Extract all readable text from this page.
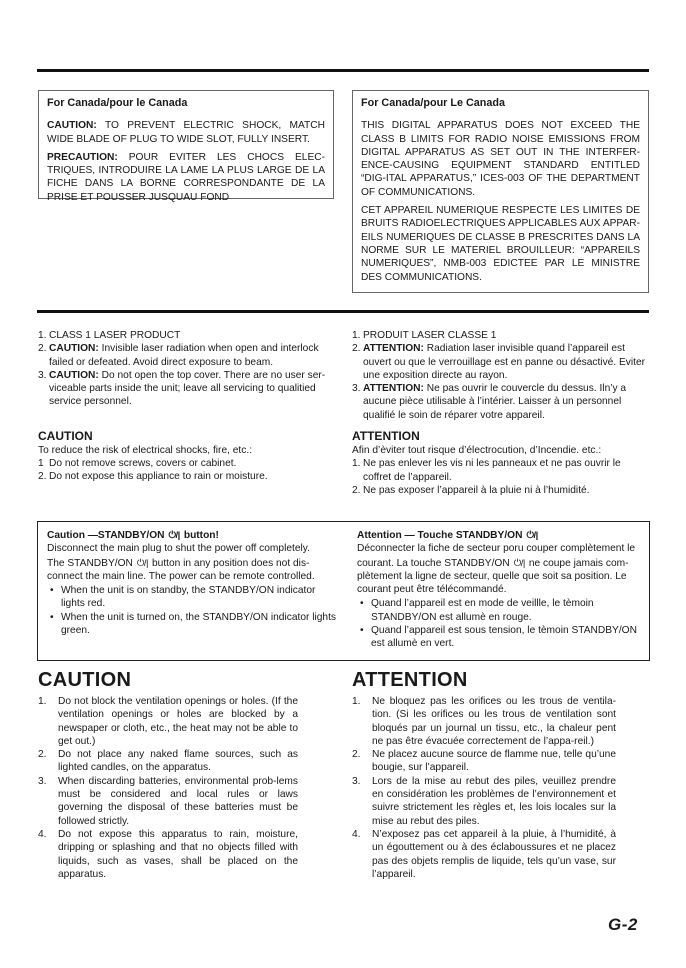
For Canada/pour le Canada

CAUTION: TO PREVENT ELECTRIC SHOCK, MATCH WIDE BLADE OF PLUG TO WIDE SLOT, FULLY INSERT.

PRECAUTION: POUR EVITER LES CHOCS ELEC-TRIQUES, INTRODUIRE LA LAME LA PLUS LARGE DE LA FICHE DANS LA BORNE CORRESPONDANTE DE LA PRISE ET POUSSER JUSQUAU FOND

For Canada/pour Le Canada

THIS DIGITAL APPARATUS DOES NOT EXCEED THE CLASS B LIMITS FOR RADIO NOISE EMISSIONS FROM DIGITAL APPARATUS AS SET OUT IN THE INTERFER-ENCE-CAUSING EQUIPMENT STANDARD ENTITLED “DIG-ITAL APPARATUS,” ICES-003 OF THE DEPARTMENT OF COMMUNICATIONS.

CET APPAREIL NUMERIQUE RESPECTE LES LIMITES DE BRUITS RADIOELECTRIQUES APPLICABLES AUX APPAR-EILS NUMERIQUES DE CLASSE B PRESCRITES DANS LA NORME SUR LE MATERIEL BROUILLEUR: “APPAREILS NUMERIQUES”, NMB-003 EDICTEE PAR LE MINISTRE DES COMMUNICATIONS.

1. CLASS 1 LASER PRODUCT
2. CAUTION: Invisible laser radiation when open and interlock failed or defeated. Avoid direct exposure to beam.
3. CAUTION: Do not open the top cover. There are no user ser-viceable parts inside the unit; leave all servicing to qualitied service personnel.
CAUTION
To reduce the risk of electrical shocks, fire, etc.:
1 Do not remove screws, covers or cabinet.
2. Do not expose this appliance to rain or moisture.
1. PRODUIT LASER CLASSE 1
2. ATTENTION: Radiation laser invisible quand l’appareil est ouvert ou que le verrouillage est en panne ou désactivé. Eviter une exposition directe au rayon.
3. ATTENTION: Ne pas ouvrir le couvercle du dessus. Iln’y a aucune pièce utilisable à l’intérier. Laisser à un personnel qualifié le soin de réparer votre appareil.
ATTENTION
Afin d’èviter tout risque d’électrocution, d’Incendie. etc.:
1. Ne pas enlever les vis ni les panneaux et ne pas ouvrir le coffret de l’appareil.
2. Ne pas exposer l’appareil à la pluie ni à l’humidité.
Caution —STANDBY/ON ⏻/| button!

Disconnect the main plug to shut the power off completely.

The STANDBY/ON ⏻/| button in any position does not dis-connect the main line. The power can be remote controlled.

• When the unit is on standby, the STANDBY/ON indicator lights red.
• When the unit is turned on, the STANDBY/ON indicator lights green.
Attention — Touche STANDBY/ON ⏻/|

Déconnecter la fiche de secteur poru couper complètement le

courant. La touche STANDBY/ON ⏻/| ne coupe jamais com-plètement la ligne de secteur, quelle que soit sa position. Le courant peut être télécommandé.

• Quand l’appareil est en mode de veillle, le tèmoin STANDBY/ON est allumè en rouge.
• Quand l’appareil est sous tension, le tèmoin STANDBY/ON est allumè en vert.
CAUTION
1. Do not block the ventilation openings or holes. (If the ventilation openings or holes are blocked by a newspaper or cloth, etc., the heat may not be able to get out.)
2. Do not place any naked flame sources, such as lighted candles, on the apparatus.
3. When discarding batteries, environmental prob-lems must be considered and local rules or laws governing the disposal of these batteries must be followed strictly.
4. Do not expose this apparatus to rain, moisture, dripping or splashing and that no objects filled with liquids, such as vases, shall be placed on the apparatus.
ATTENTION
1. Ne bloquez pas les orifices ou les trous de ventila-tion. (Si les orifices ou les trous de ventilation sont bloqués par un journal un tissu, etc., la chaleur pent ne pas être évacuée correctement de l’appa-reil.)
2. Ne placez aucune source de flamme nue, telle qu’une bougie, sur l’appareil.
3. Lors de la mise au rebut des piles, veuillez prendre en considération les problèmes de l’environnement et suivre strictement les règles et, les lois locales sur la mise au rebut des piles.
4. N’exposez pas cet appareil à la pluie, à l’humidité, à un égouttement ou à des éclaboussures et ne placez pas des objets remplis de liquide, tels qu’un vase, sur l’appareil.
G-2
